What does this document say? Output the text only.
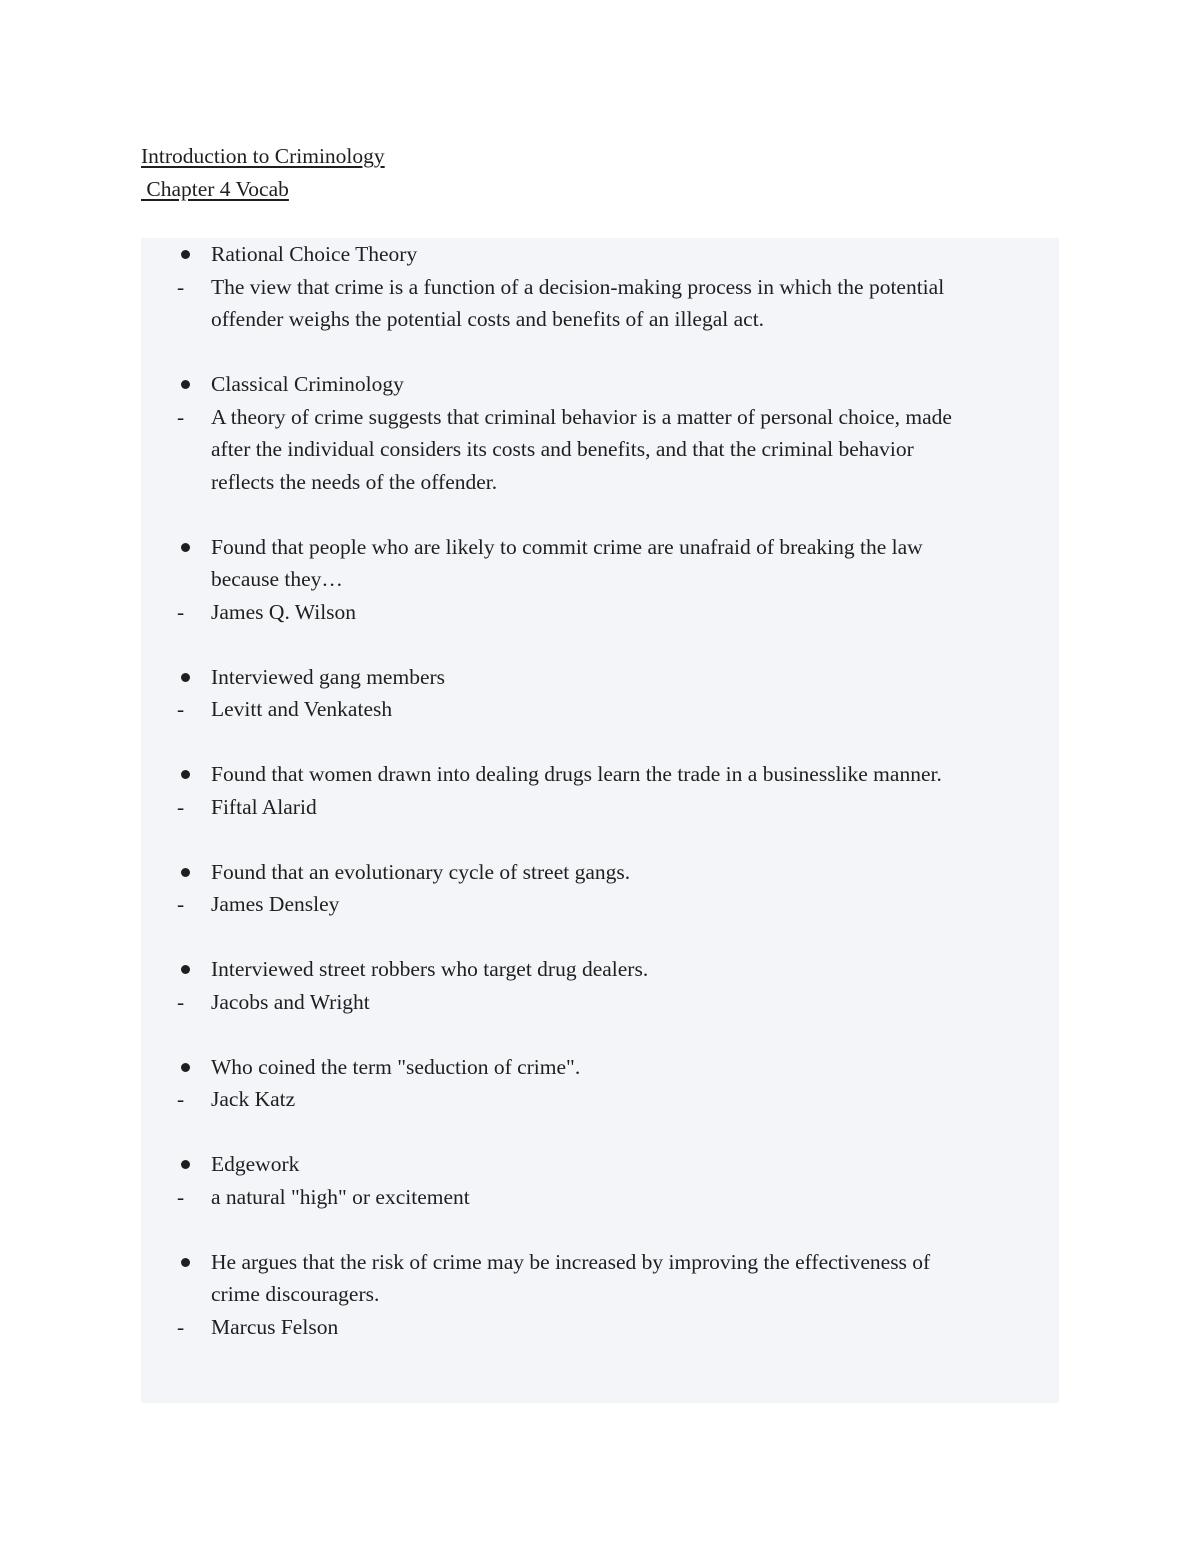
Introduction to Criminology
Chapter 4 Vocab
Rational Choice Theory
- The view that crime is a function of a decision-making process in which the potential
offender weighs the potential costs and benefits of an illegal act.
Classical Criminology
- A theory of crime suggests that criminal behavior is a matter of personal choice, made
after the individual considers its costs and benefits, and that the criminal behavior
reflects the needs of the offender.
Found that people who are likely to commit crime are unafraid of breaking the law
because they…
- James Q. Wilson
Interviewed gang members
- Levitt and Venkatesh
Found that women drawn into dealing drugs learn the trade in a businesslike manner.
- Fiftal Alarid
Found that an evolutionary cycle of street gangs.
- James Densley
Interviewed street robbers who target drug dealers.
- Jacobs and Wright
Who coined the term "seduction of crime".
- Jack Katz
Edgework
- a natural "high" or excitement
He argues that the risk of crime may be increased by improving the effectiveness of
crime discouragers.
- Marcus Felson
